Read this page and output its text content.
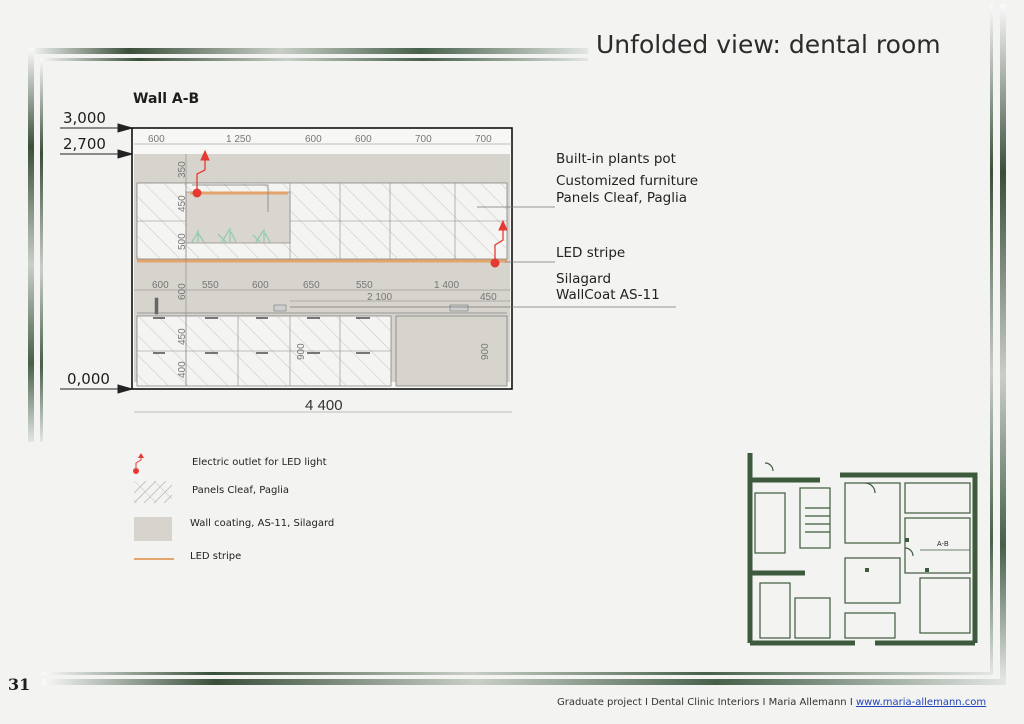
Unfolded view: dental room
Wall A-B
3,000
2,700
0,000
600	1 250	600	600	700	700
600	550	600	650	550	1 400
2 100	450
350
450
500
600
450
400
900	900
4 400
Built-in plants pot
Customized furniture
Panels Cleaf, Paglia
LED stripe
Silagard
WallCoat AS-11
Electric outlet for LED light
Panels Cleaf, Paglia
Wall coating, AS-11, Silagard
LED stripe
A-B
31
Graduate project I Dental Clinic Interiors I Maria Allemann I www.maria-allemann.com
